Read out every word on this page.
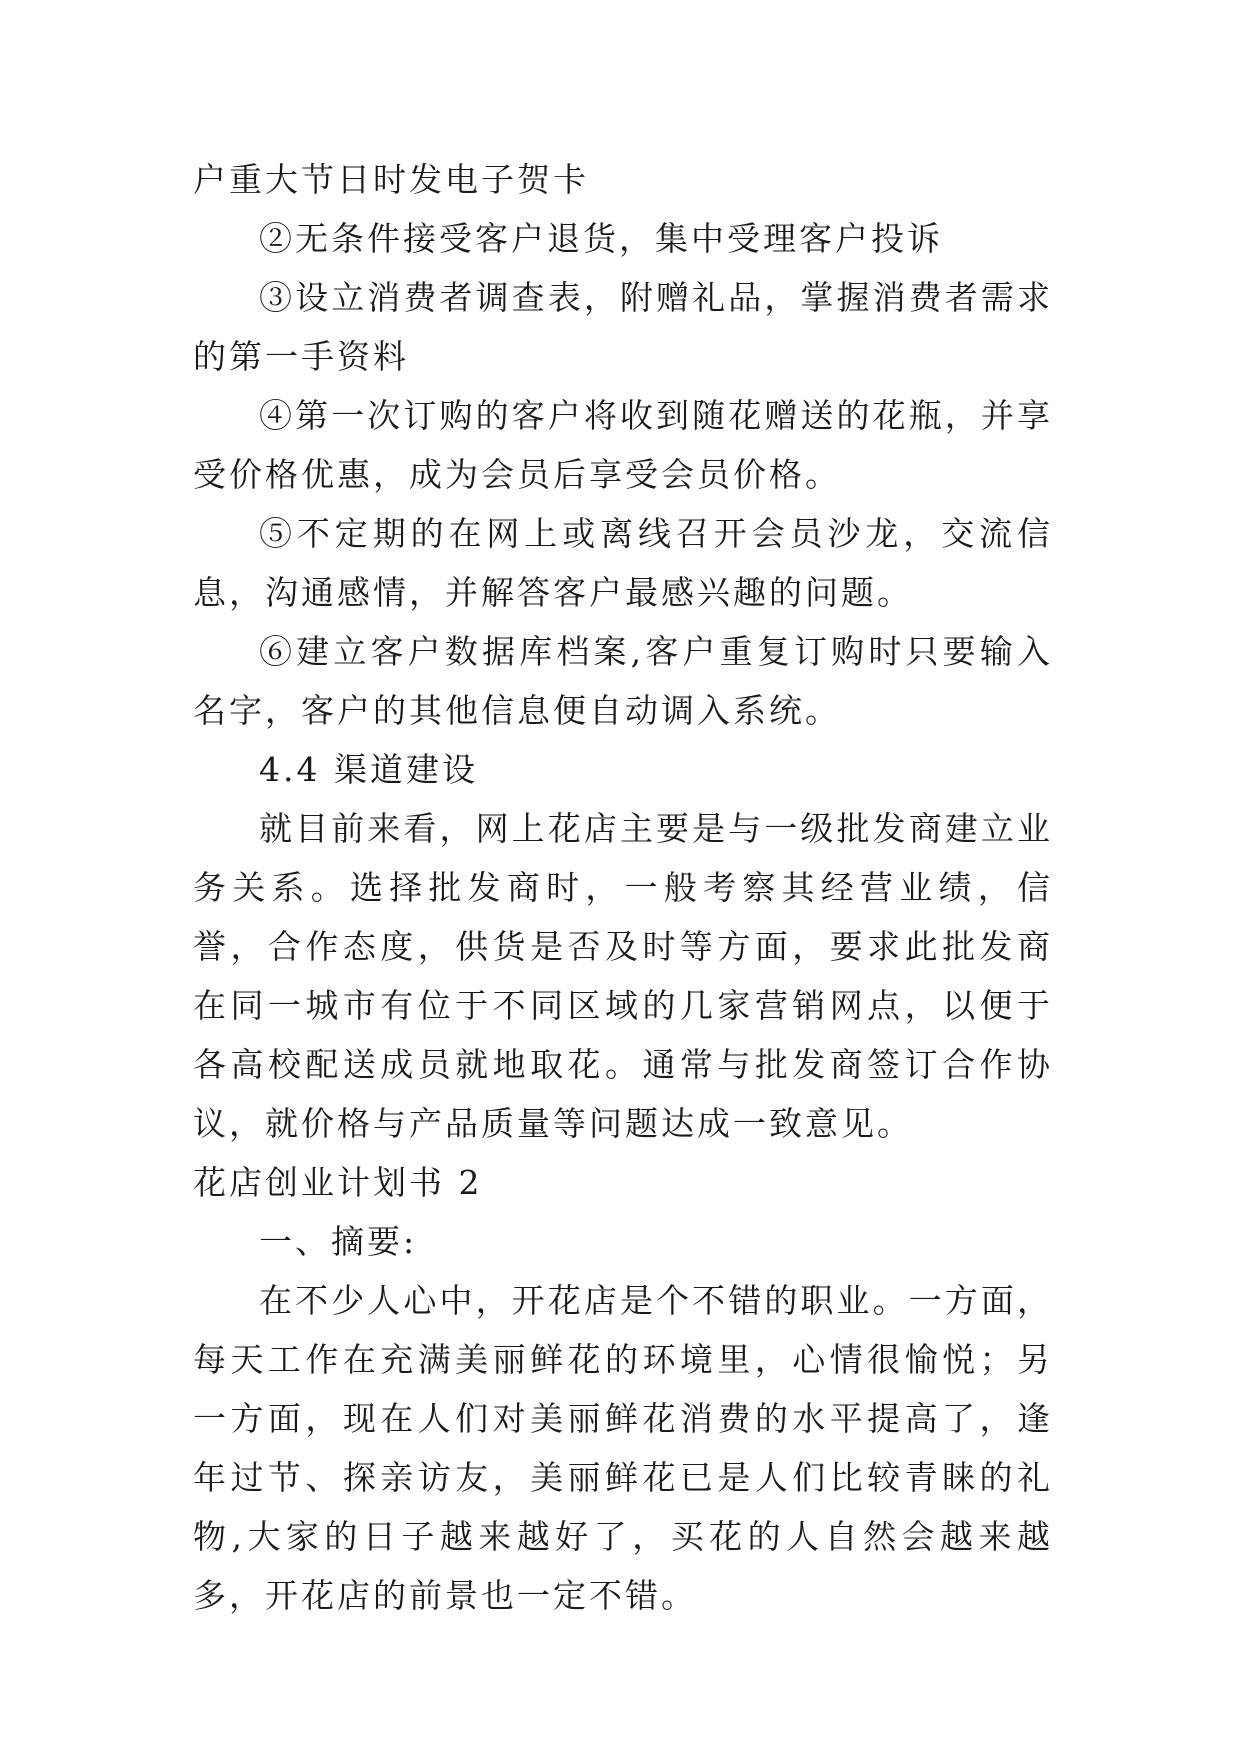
户重大节日时发电子贺卡

②无条件接受客户退货，集中受理客户投诉

③设立消费者调查表，附赠礼品，掌握消费者需求的第一手资料

④第一次订购的客户将收到随花赠送的花瓶，并享受价格优惠，成为会员后享受会员价格。

⑤不定期的在网上或离线召开会员沙龙，交流信息，沟通感情，并解答客户最感兴趣的问题。

⑥建立客户数据库档案,客户重复订购时只要输入名字，客户的其他信息便自动调入系统。

4.4 渠道建设

就目前来看，网上花店主要是与一级批发商建立业务关系。选择批发商时，一般考察其经营业绩，信誉，合作态度，供货是否及时等方面，要求此批发商在同一城市有位于不同区域的几家营销网点，以便于各高校配送成员就地取花。通常与批发商签订合作协议，就价格与产品质量等问题达成一致意见。

花店创业计划书 2

一、摘要:

在不少人心中，开花店是个不错的职业。一方面，每天工作在充满美丽鲜花的环境里，心情很愉悦；另一方面，现在人们对美丽鲜花消费的水平提高了，逢年过节、探亲访友，美丽鲜花已是人们比较青睐的礼物,大家的日子越来越好了，买花的人自然会越来越多，开花店的前景也一定不错。
